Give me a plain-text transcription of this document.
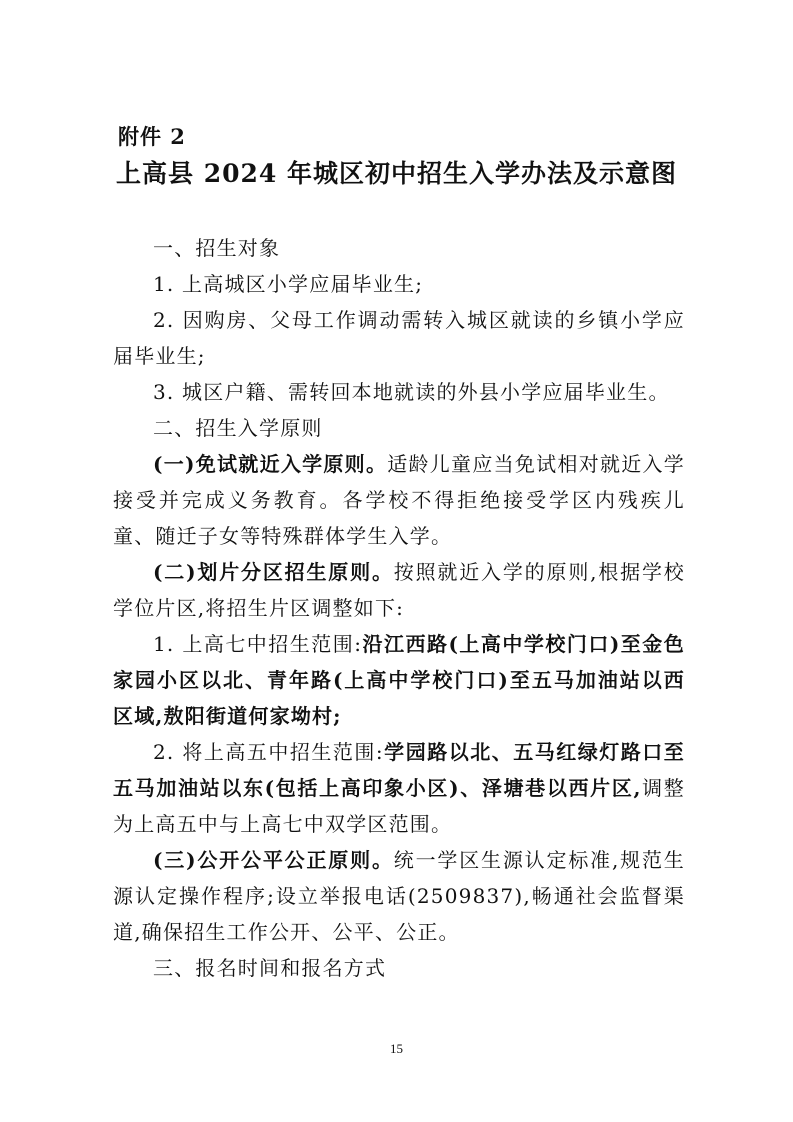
附件 2
上高县 2024 年城区初中招生入学办法及示意图

一、招生对象

1. 上高城区小学应届毕业生;

2. 因购房、父母工作调动需转入城区就读的乡镇小学应届毕业生;

3. 城区户籍、需转回本地就读的外县小学应届毕业生。

二、招生入学原则

(一)免试就近入学原则。适龄儿童应当免试相对就近入学接受并完成义务教育。各学校不得拒绝接受学区内残疾儿童、随迁子女等特殊群体学生入学。

(二)划片分区招生原则。按照就近入学的原则,根据学校学位片区,将招生片区调整如下:

1. 上高七中招生范围:沿江西路(上高中学校门口)至金色家园小区以北、青年路(上高中学校门口)至五马加油站以西区域,敖阳街道何家坳村;

2. 将上高五中招生范围:学园路以北、五马红绿灯路口至五马加油站以东(包括上高印象小区)、泽塘巷以西片区,调整为上高五中与上高七中双学区范围。

(三)公开公平公正原则。统一学区生源认定标准,规范生源认定操作程序;设立举报电话(2509837),畅通社会监督渠道,确保招生工作公开、公平、公正。

三、报名时间和报名方式

15
